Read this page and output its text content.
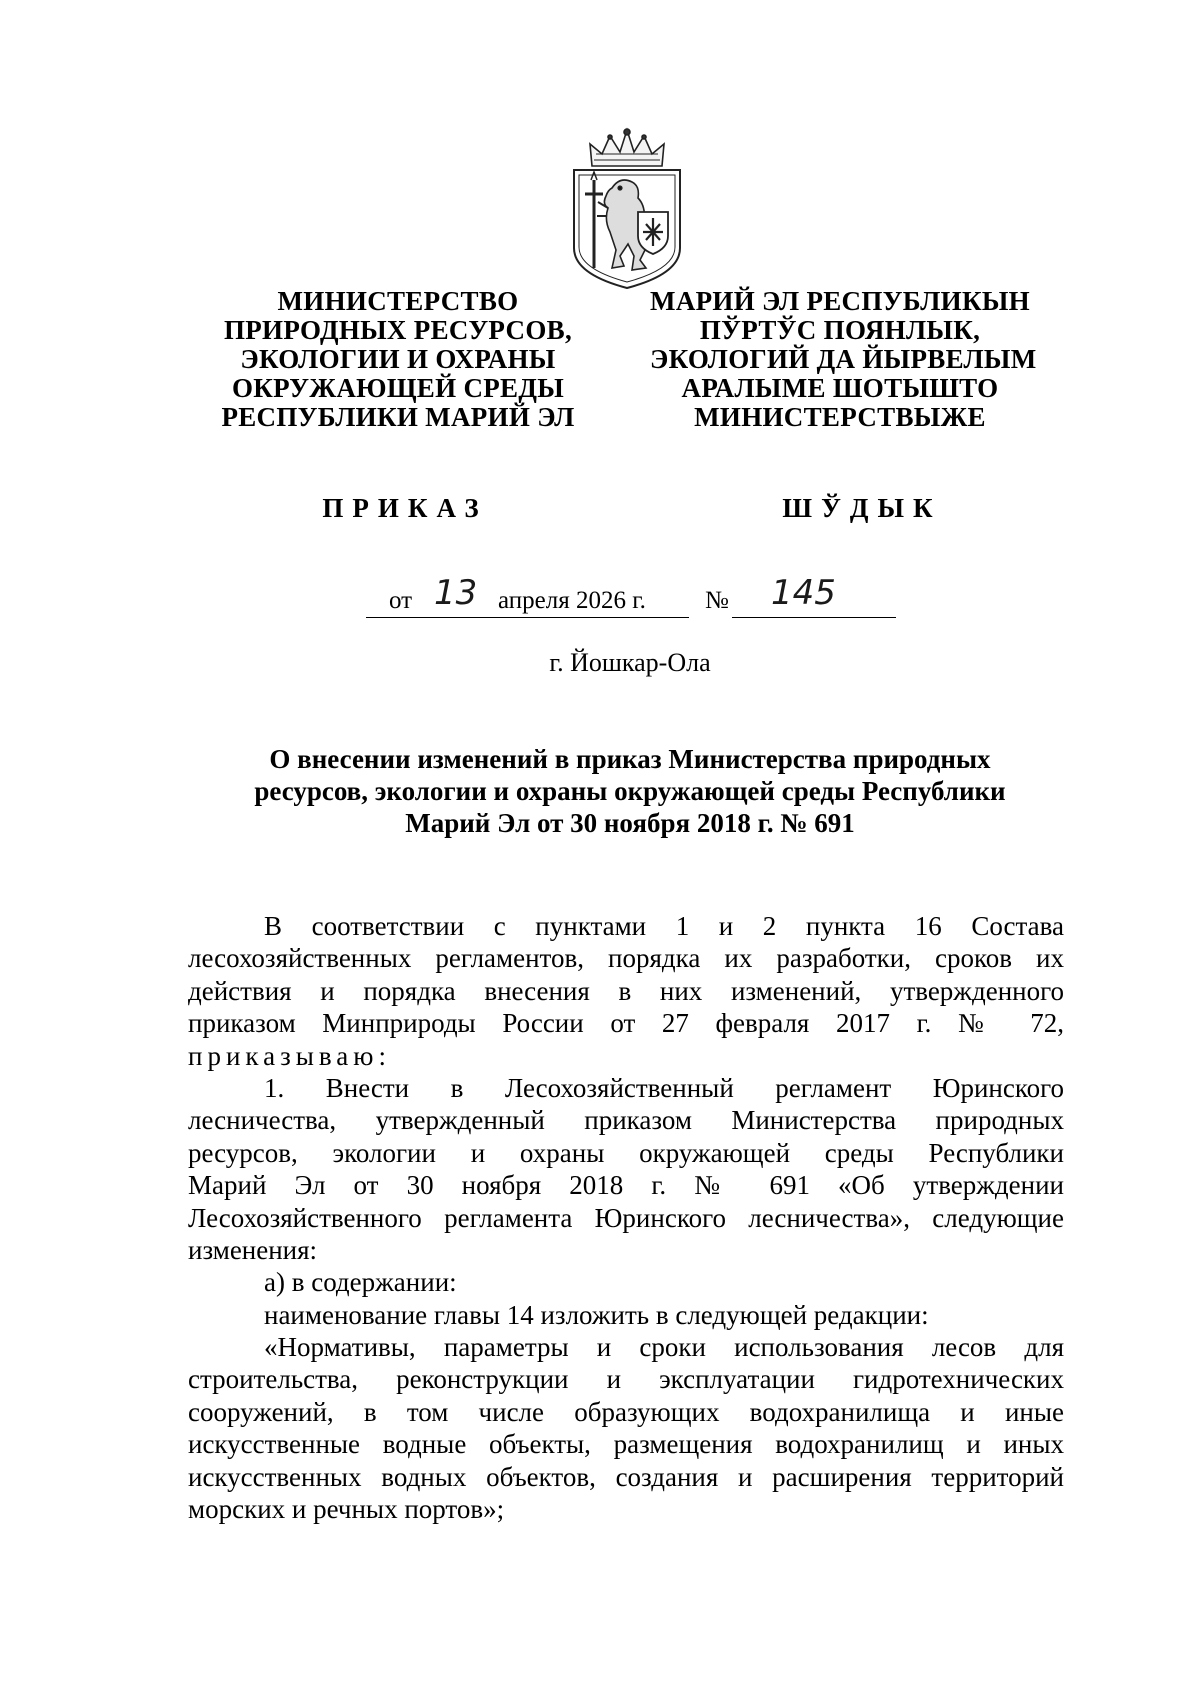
МИНИСТЕРСТВО
ПРИРОДНЫХ РЕСУРСОВ,
ЭКОЛОГИИ И ОХРАНЫ
ОКРУЖАЮЩЕЙ СРЕДЫ
РЕСПУБЛИКИ МАРИЙ ЭЛ
МАРИЙ ЭЛ РЕСПУБЛИКЫН
ПЎРТЎС ПОЯНЛЫК,
ЭКОЛОГИЙ ДА ЙЫРВЕЛЫМ
АРАЛЫМЕ ШОТЫШТО
МИНИСТЕРСТВЫЖЕ
ПРИКАЗ	ШЎДЫК
от 13 апреля 2026 г. № 145
г. Йошкар-Ола
О внесении изменений в приказ Министерства природных
ресурсов, экологии и охраны окружающей среды Республики
Марий Эл от 30 ноября 2018 г. № 691
В соответствии с пунктами 1 и 2 пункта 16 Состава
лесохозяйственных регламентов, порядка их разработки, сроков их
действия и порядка внесения в них изменений, утвержденного
приказом Минприроды России от 27 февраля 2017 г. № 72,
приказываю:
1. Внести в Лесохозяйственный регламент Юринского
лесничества, утвержденный приказом Министерства природных
ресурсов, экологии и охраны окружающей среды Республики
Марий Эл от 30 ноября 2018 г. № 691 «Об утверждении
Лесохозяйственного регламента Юринского лесничества», следующие
изменения:
а) в содержании:
наименование главы 14 изложить в следующей редакции:
«Нормативы, параметры и сроки использования лесов для
строительства, реконструкции и эксплуатации гидротехнических
сооружений, в том числе образующих водохранилища и иные
искусственные водные объекты, размещения водохранилищ и иных
искусственных водных объектов, создания и расширения территорий
морских и речных портов»;
